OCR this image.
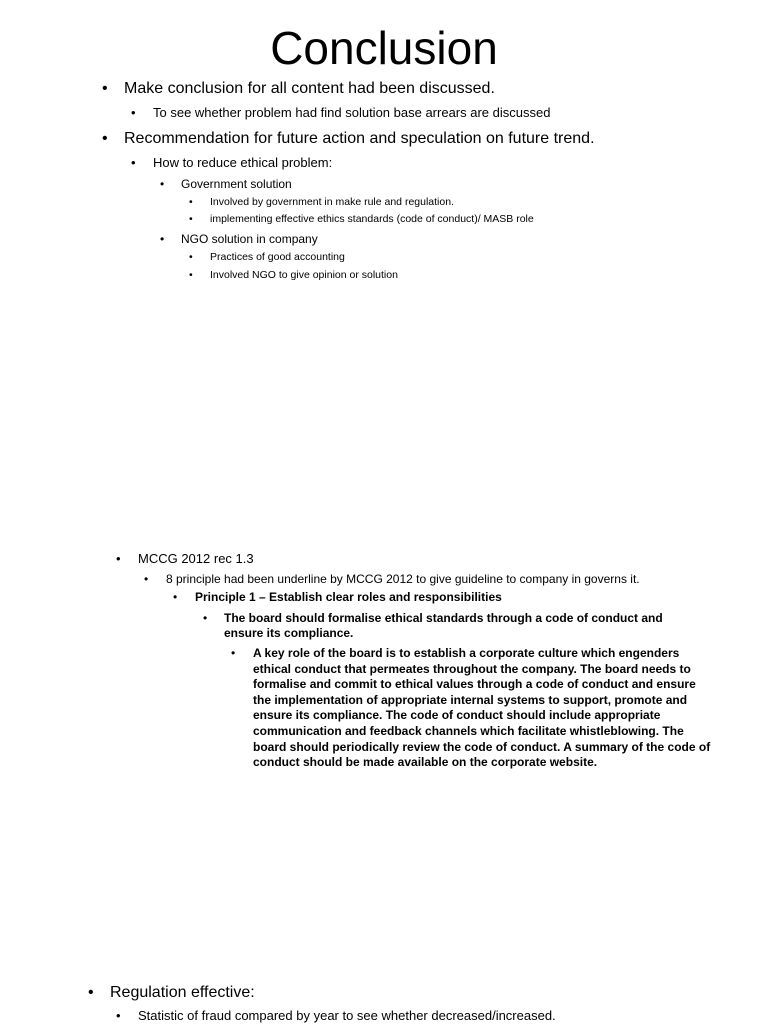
Conclusion
• Make conclusion for all content had been discussed.
• To see whether problem had find solution base arrears are discussed
• Recommendation for future action and speculation on future trend.
• How to reduce ethical problem:
• Government solution
• Involved by government in make rule and regulation.
• implementing effective ethics standards (code of conduct)/ MASB role
• NGO solution in company
• Practices of good accounting
• Involved NGO to give opinion or solution
• MCCG 2012 rec 1.3
• 8 principle had been underline by MCCG 2012 to give guideline to company in governs it.
• Principle 1 – Establish clear roles and responsibilities
• The board should formalise ethical standards through a code of conduct and ensure its compliance.
• A key role of the board is to establish a corporate culture which engenders ethical conduct that permeates throughout the company. The board needs to formalise and commit to ethical values through a code of conduct and ensure the implementation of appropriate internal systems to support, promote and ensure its compliance. The code of conduct should include appropriate communication and feedback channels which facilitate whistleblowing. The board should periodically review the code of conduct. A summary of the code of conduct should be made available on the corporate website.
• Regulation effective:
• Statistic of fraud compared by year to see whether decreased/increased.
